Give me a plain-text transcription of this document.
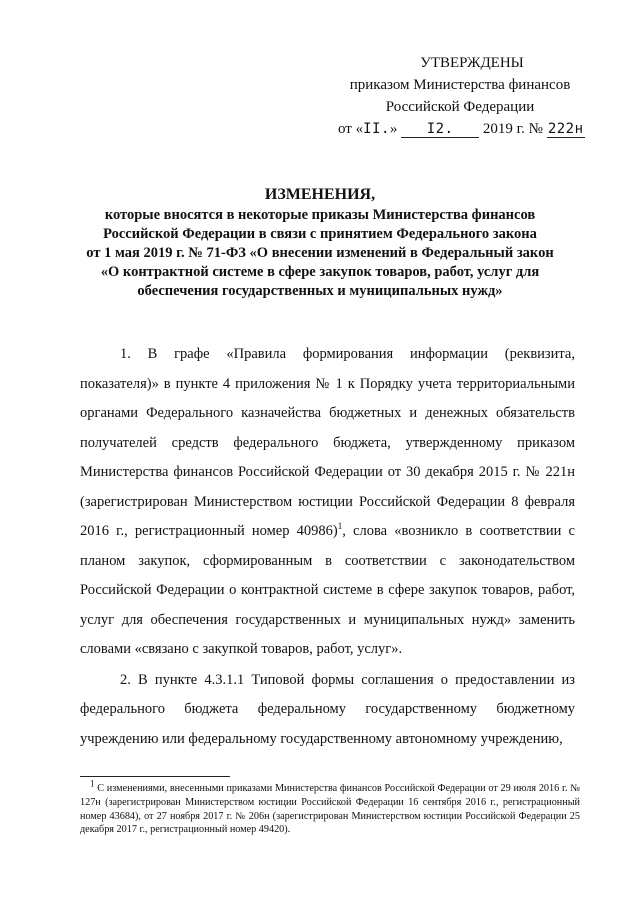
УТВЕРЖДЕНЫ
приказом Министерства финансов
Российской Федерации
от «II.» I2. 2019 г. № 222н
ИЗМЕНЕНИЯ,
которые вносятся в некоторые приказы Министерства финансов
Российской Федерации в связи с принятием Федерального закона
от 1 мая 2019 г. № 71-ФЗ «О внесении изменений в Федеральный закон
«О контрактной системе в сфере закупок товаров, работ, услуг для
обеспечения государственных и муниципальных нужд»

1. В графе «Правила формирования информации (реквизита, показателя)» в пункте 4 приложения № 1 к Порядку учета территориальными органами Федерального казначейства бюджетных и денежных обязательств получателей средств федерального бюджета, утвержденному приказом Министерства финансов Российской Федерации от 30 декабря 2015 г. № 221н (зарегистрирован Министерством юстиции Российской Федерации 8 февраля 2016 г., регистрационный номер 40986)$^1$, слова «возникло в соответствии с планом закупок, сформированным в соответствии с законодательством Российской Федерации о контрактной системе в сфере закупок товаров, работ, услуг для обеспечения государственных и муниципальных нужд» заменить словами «связано с закупкой товаров, работ, услуг».

2. В пункте 4.3.1.1 Типовой формы соглашения о предоставлении из федерального бюджета федеральному государственному бюджетному учреждению или федеральному государственному автономному учреждению,

$^1$ С изменениями, внесенными приказами Министерства финансов Российской Федерации от 29 июля 2016 г. № 127н (зарегистрирован Министерством юстиции Российской Федерации 16 сентября 2016 г., регистрационный номер 43684), от 27 ноября 2017 г. № 206н (зарегистрирован Министерством юстиции Российской Федерации 25 декабря 2017 г., регистрационный номер 49420).
